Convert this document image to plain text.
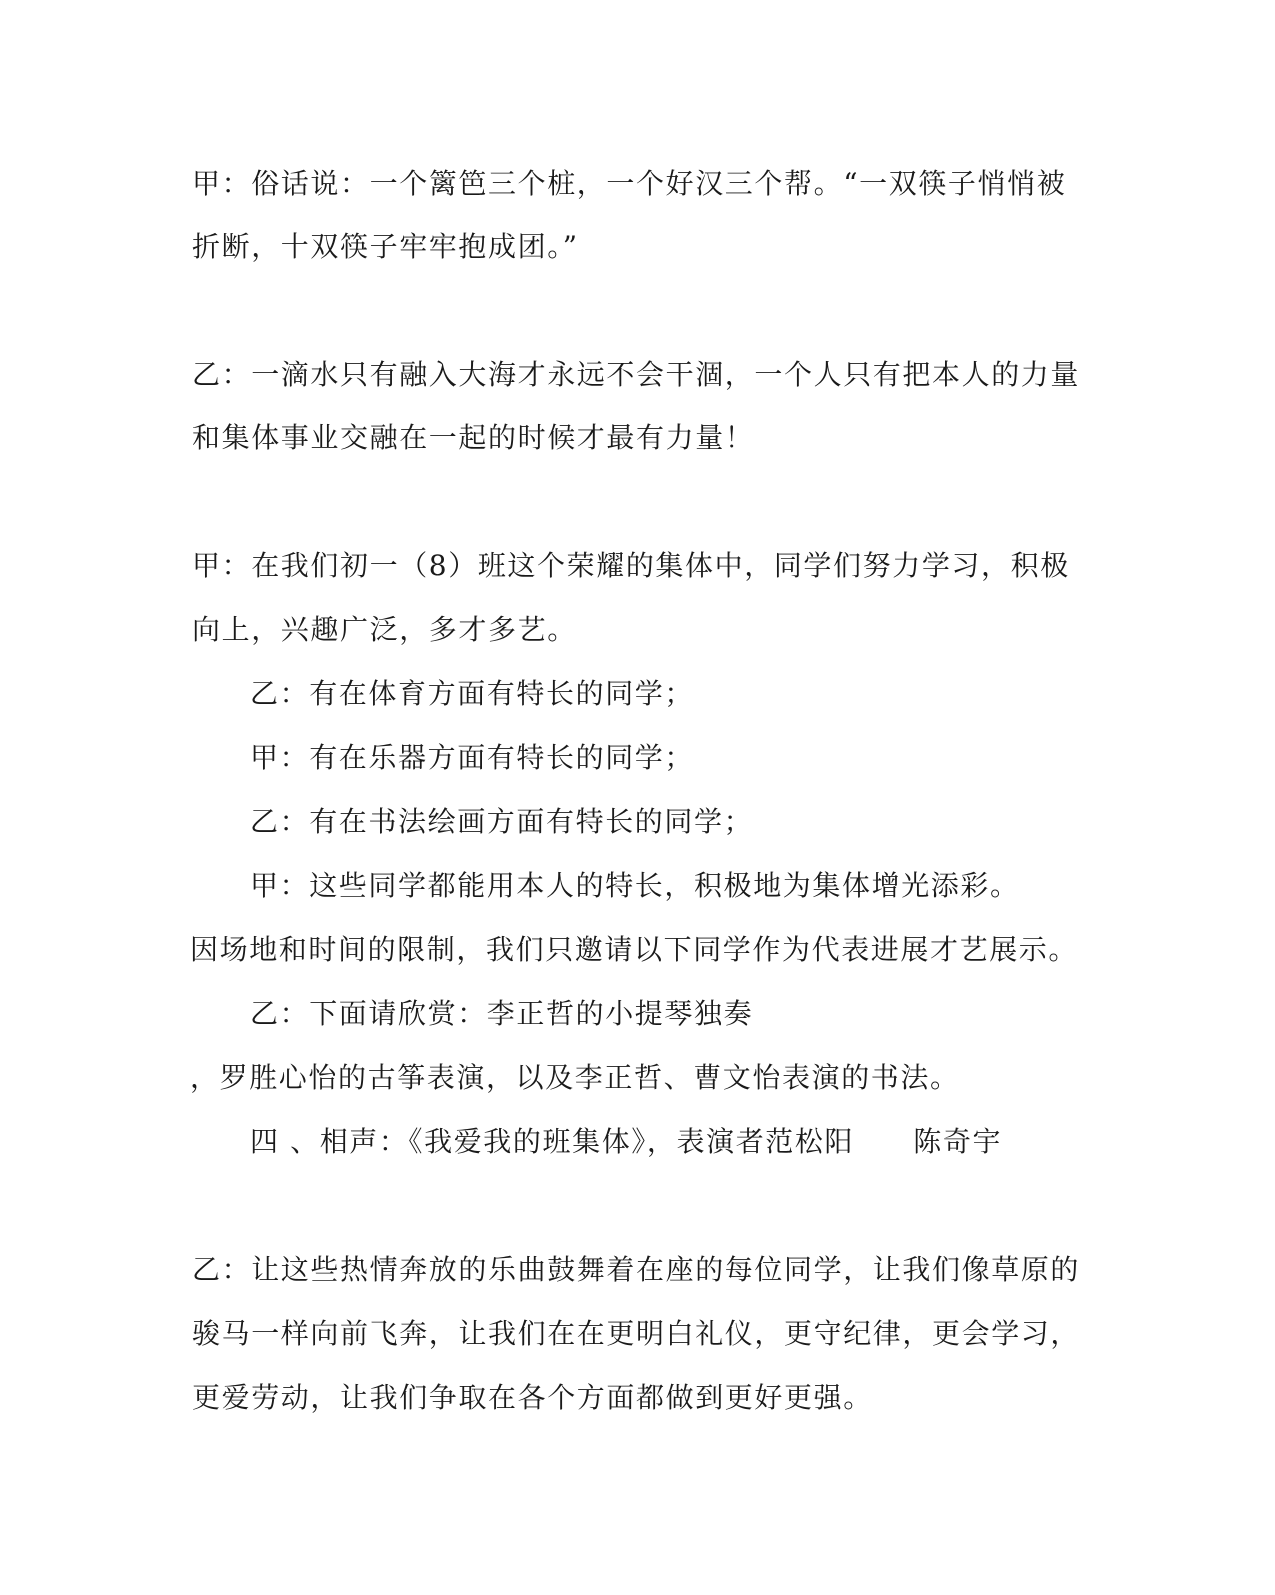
甲：俗话说：一个篱笆三个桩，一个好汉三个帮。“一双筷子悄悄被
折断，十双筷子牢牢抱成团。”
乙：一滴水只有融入大海才永远不会干涸，一个人只有把本人的力量
和集体事业交融在一起的时候才最有力量！
甲：在我们初一（8）班这个荣耀的集体中，同学们努力学习，积极
向上，兴趣广泛，多才多艺。
乙：有在体育方面有特长的同学；
甲：有在乐器方面有特长的同学；
乙：有在书法绘画方面有特长的同学；
甲：这些同学都能用本人的特长，积极地为集体增光添彩。
因场地和时间的限制，我们只邀请以下同学作为代表进展才艺展示。
乙：下面请欣赏：李正哲的小提琴独奏
，罗胜心怡的古筝表演，以及李正哲、曹文怡表演的书法。
四 、相声：《我爱我的班集体》，表演者范松阳　　陈奇宇
乙：让这些热情奔放的乐曲鼓舞着在座的每位同学，让我们像草原的
骏马一样向前飞奔，让我们在在更明白礼仪，更守纪律，更会学习，
更爱劳动，让我们争取在各个方面都做到更好更强。
